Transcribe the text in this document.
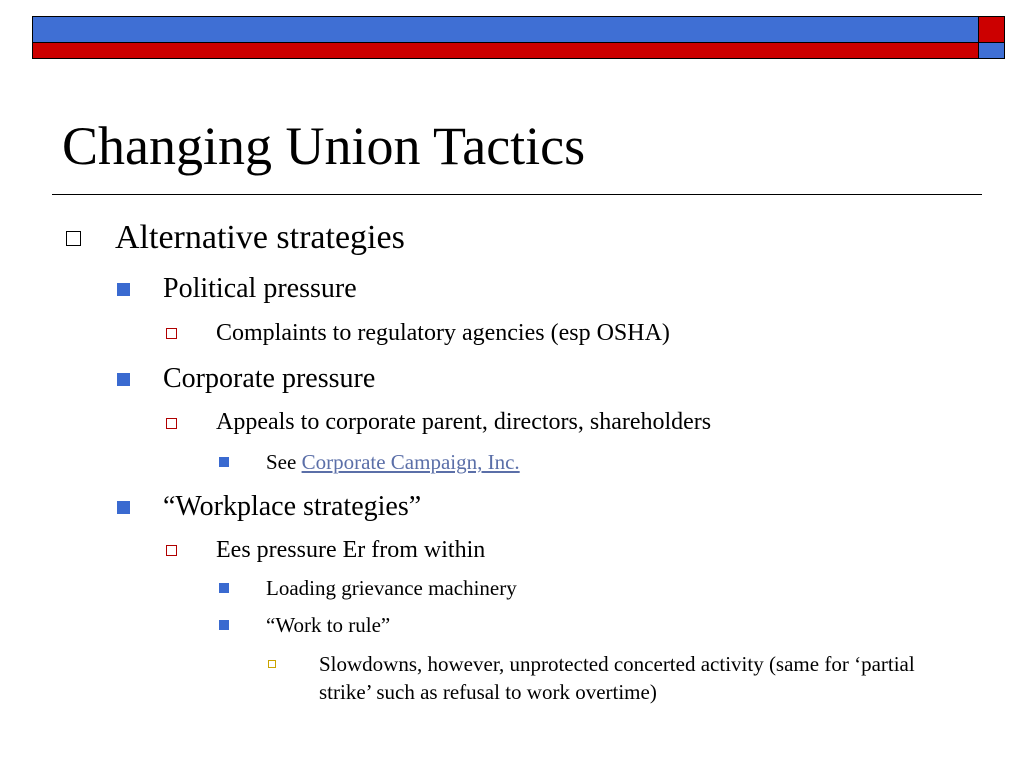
Changing Union Tactics
Alternative strategies
Political pressure
Complaints to regulatory agencies (esp OSHA)
Corporate pressure
Appeals to corporate parent, directors, shareholders
See Corporate Campaign, Inc.
“Workplace strategies”
Ees pressure Er from within
Loading grievance machinery
“Work to rule”
Slowdowns, however, unprotected concerted activity (same for ‘partial strike’ such as refusal to work overtime)
